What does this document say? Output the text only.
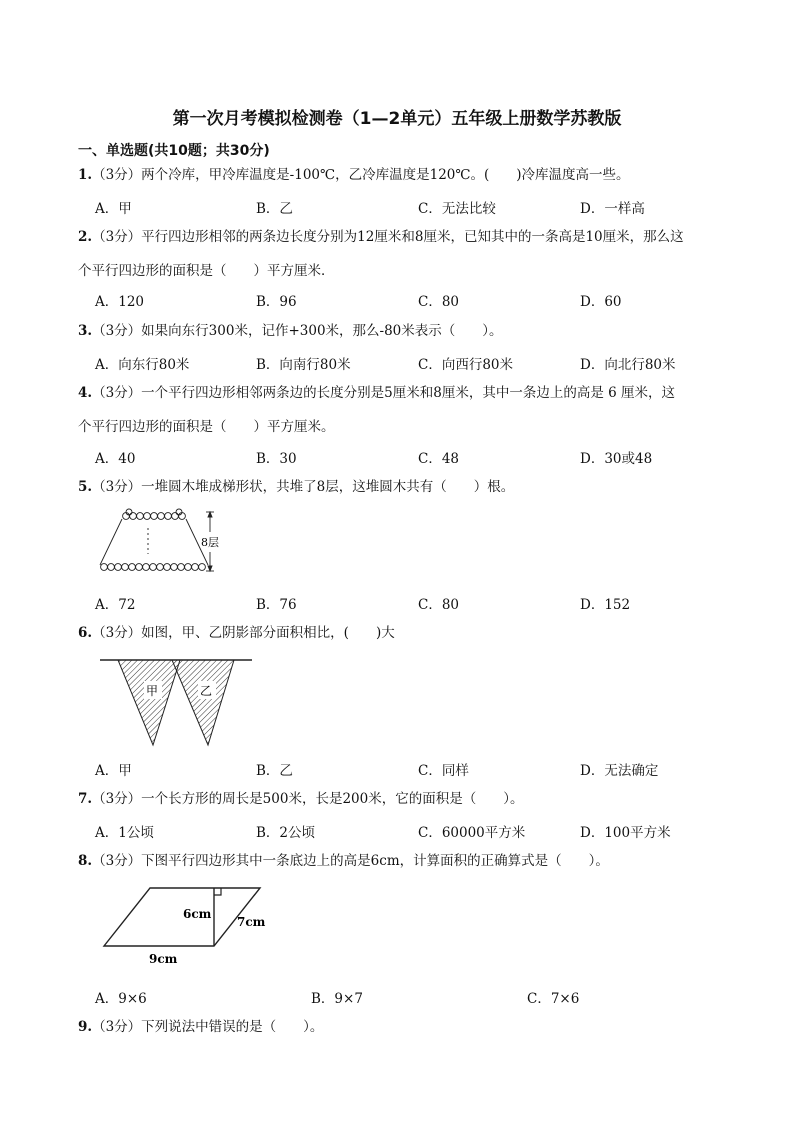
第一次月考模拟检测卷（1—2单元）五年级上册数学苏教版
一、单选题(共10题；共30分)
1.（3分）两个冷库，甲冷库温度是-100℃，乙冷库温度是120℃。(　　)冷库温度高一些。
A．甲	B．乙	C．无法比较	D．一样高
2.（3分）平行四边形相邻的两条边长度分别为12厘米和8厘米，已知其中的一条高是10厘米，那么这
个平行四边形的面积是（　　）平方厘米．
A．120	B．96	C．80	D．60
3.（3分）如果向东行300米，记作+300米，那么-80米表示（　　）。
A．向东行80米	B．向南行80米	C．向西行80米	D．向北行80米
4.（3分）一个平行四边形相邻两条边的长度分别是5厘米和8厘米，其中一条边上的高是 6 厘米，这
个平行四边形的面积是（　　）平方厘米。
A．40	B．30	C．48	D．30或48
5.（3分）一堆圆木堆成梯形状，共堆了8层，这堆圆木共有（　　）根。
8层
A．72	B．76	C．80	D．152
6.（3分）如图，甲、乙阴影部分面积相比，(　　)大
甲	乙
A．甲	B．乙	C．同样	D．无法确定
7.（3分）一个长方形的周长是500米，长是200米，它的面积是（　　）。
A．1公顷	B．2公顷	C．60000平方米	D．100平方米
8.（3分）下图平行四边形其中一条底边上的高是6cm，计算面积的正确算式是（　　）。
6cm
7cm
9cm
A．9×6	B．9×7	C．7×6
9.（3分）下列说法中错误的是（　　）。
